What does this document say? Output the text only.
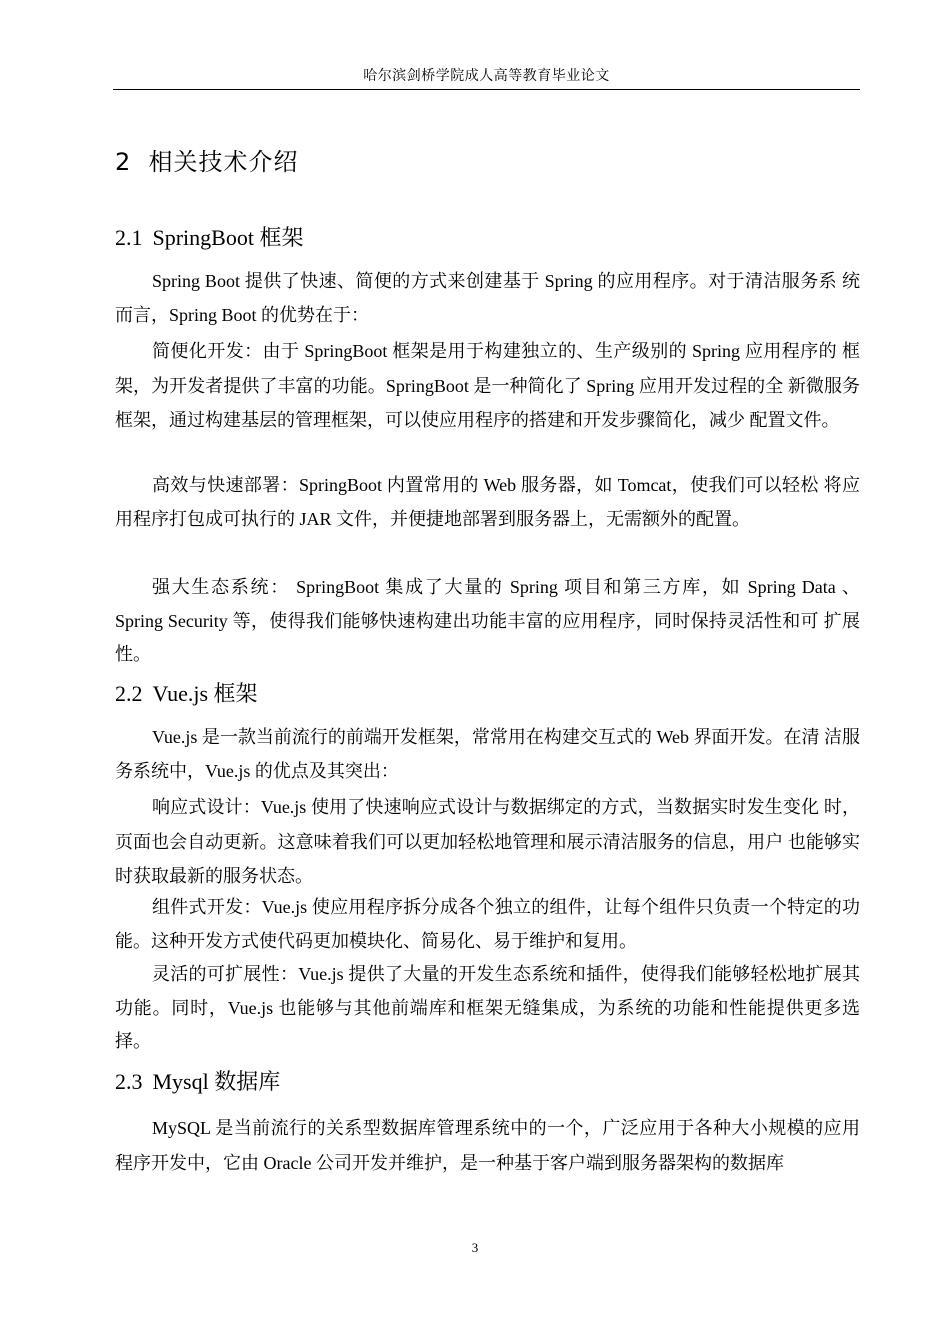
哈尔滨剑桥学院成人高等教育毕业论文
2 相关技术介绍
2.1 SpringBoot 框架

Spring Boot 提供了快速、简便的方式来创建基于 Spring 的应用程序。对于清洁服务系 统而言，Spring Boot 的优势在于：

简便化开发：由于 SpringBoot 框架是用于构建独立的、生产级别的 Spring 应用程序的 框架，为开发者提供了丰富的功能。SpringBoot 是一种简化了 Spring 应用开发过程的全 新微服务框架，通过构建基层的管理框架，可以使应用程序的搭建和开发步骤简化，减少 配置文件。

高效与快速部署：SpringBoot 内置常用的 Web 服务器，如 Tomcat，使我们可以轻松 将应用程序打包成可执行的 JAR 文件，并便捷地部署到服务器上，无需额外的配置。

强大生态系统： SpringBoot 集成了大量的 Spring 项目和第三方库，如 Spring Data 、 Spring Security 等，使得我们能够快速构建出功能丰富的应用程序，同时保持灵活性和可 扩展性。

2.2 Vue.js 框架

Vue.js 是一款当前流行的前端开发框架，常常用在构建交互式的 Web 界面开发。在清 洁服务系统中，Vue.js 的优点及其突出：

响应式设计：Vue.js 使用了快速响应式设计与数据绑定的方式，当数据实时发生变化 时，页面也会自动更新。这意味着我们可以更加轻松地管理和展示清洁服务的信息，用户 也能够实时获取最新的服务状态。

组件式开发：Vue.js 使应用程序拆分成各个独立的组件，让每个组件只负责一个特定的功能。这种开发方式使代码更加模块化、简易化、易于维护和复用。

灵活的可扩展性：Vue.js 提供了大量的开发生态系统和插件，使得我们能够轻松地扩展其功能。同时，Vue.js 也能够与其他前端库和框架无缝集成，为系统的功能和性能提供更多选择。

2.3 Mysql 数据库

MySQL 是当前流行的关系型数据库管理系统中的一个，广泛应用于各种大小规模的应用程序开发中，它由 Oracle 公司开发并维护，是一种基于客户端到服务器架构的数据库

3
